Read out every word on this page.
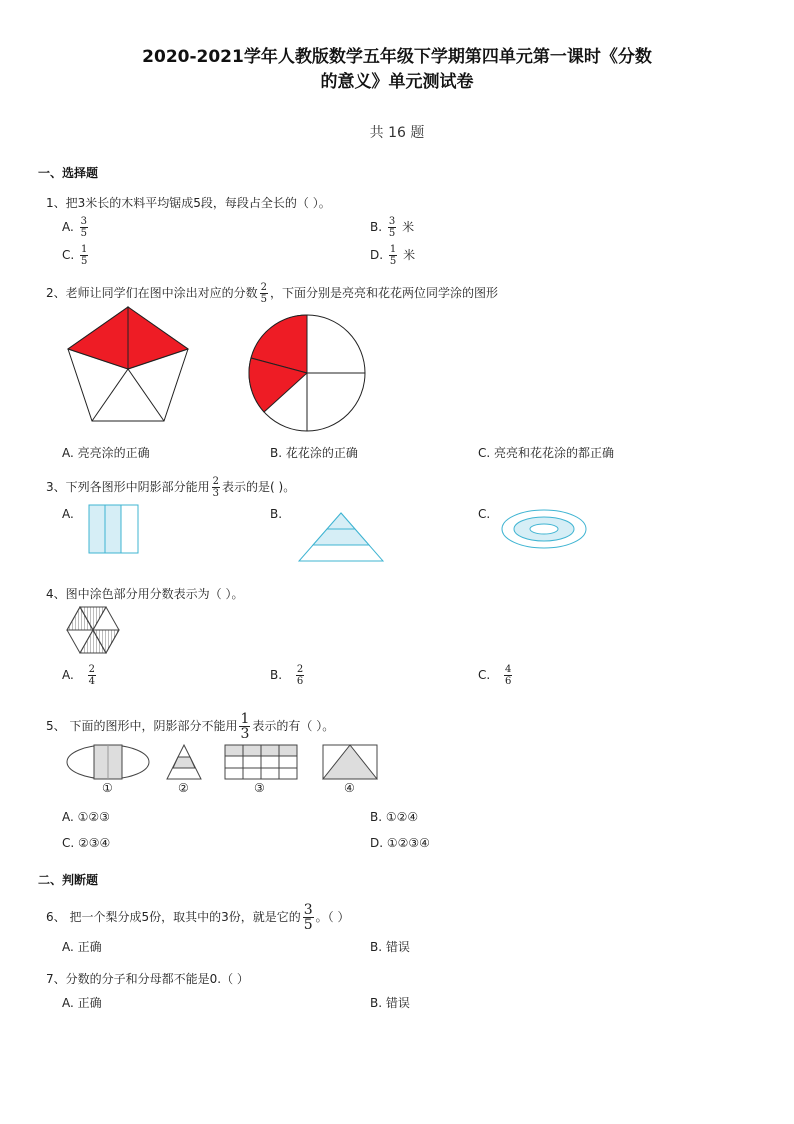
2020-2021学年人教版数学五年级下学期第四单元第一课时《分数
的意义》单元测试卷
共 16 题
一、选择题
1、把3米长的木料平均锯成5段，每段占全长的（ ）。
A. $\frac{3}{5}$	B. $\frac{3}{5}$ 米
C. $\frac{1}{5}$	D. $\frac{1}{5}$ 米
2、老师让同学们在图中涂出对应的分数 $\frac{2}{5}$ ，下面分别是亮亮和花花两位同学涂的图形
A. 亮亮涂的正确	B. 花花涂的正确	C. 亮亮和花花涂的都正确
3、下列各图形中阴影部分能用 $\frac{2}{3}$ 表示的是( )。
A.	B.	C.
4、图中涂色部分用分数表示为（ ）。
A. $\frac{2}{4}$	B. $\frac{2}{6}$	C. $\frac{4}{6}$
5、 下面的图形中，阴影部分不能用 $\frac{1}{3}$ 表示的有（ ）。
①	②	③	④
A. ①②③	B. ①②④
C. ②③④	D. ①②③④
二、判断题
6、 把一个梨分成5份，取其中的3份，就是它的 $\frac{3}{5}$ 。（ ）
A. 正确	B. 错误
7、分数的分子和分母都不能是0.（ ）
A. 正确	B. 错误
